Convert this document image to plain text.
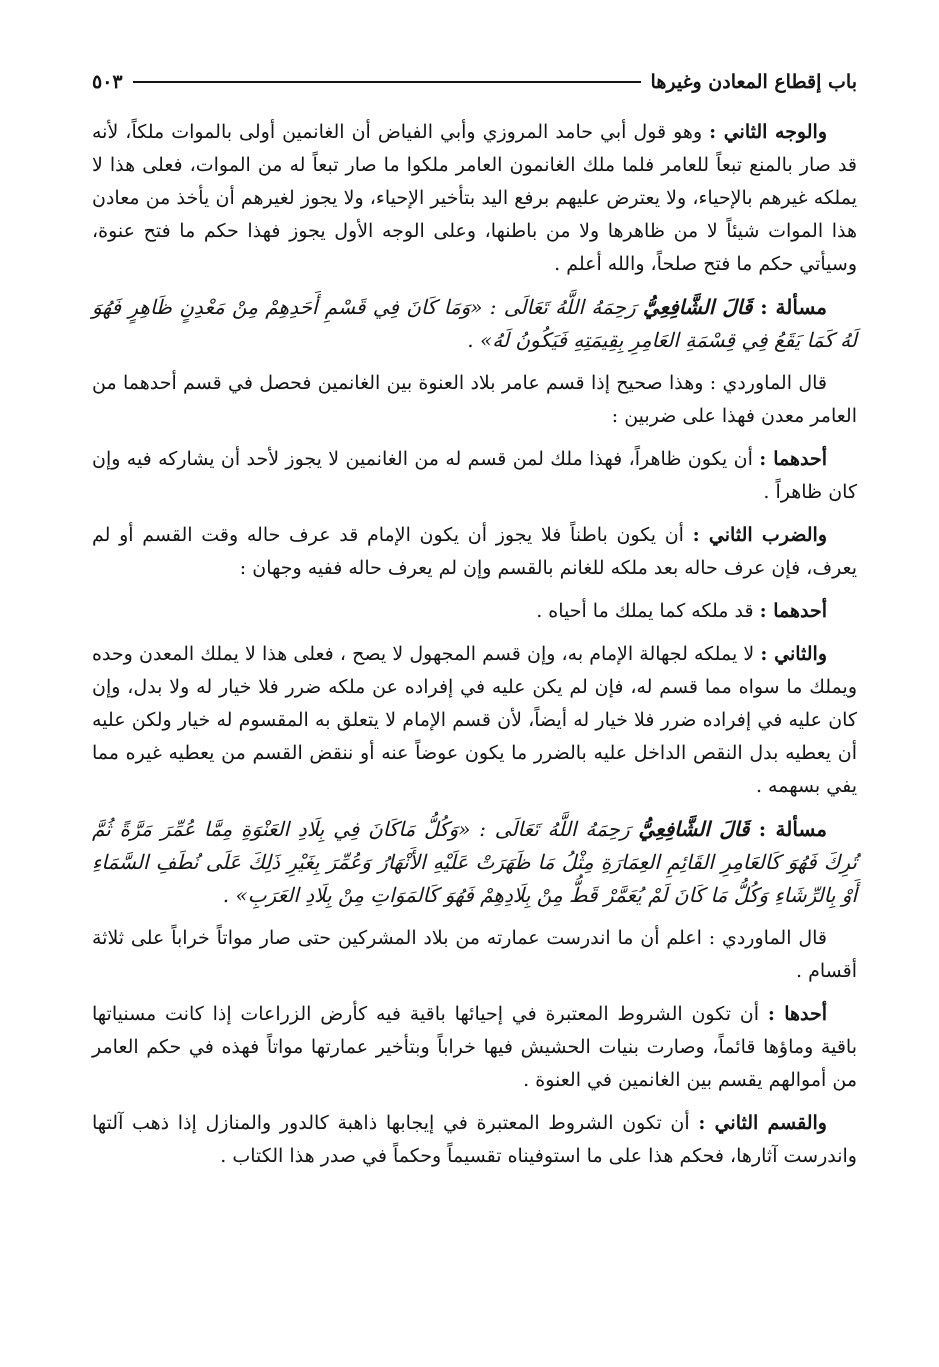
باب إقطاع المعادن وغيرها
٥٠٣

والوجه الثاني : وهو قول أبي حامد المروزي وأبي الفياض أن الغانمين أولى بالموات ملكاً، لأنه قد صار بالمنع تبعاً للعامر فلما ملك الغانمون العامر ملكوا ما صار تبعاً له من الموات، فعلى هذا لا يملكه غيرهم بالإحياء، ولا يعترض عليهم برفع اليد بتأخير الإحياء، ولا يجوز لغيرهم أن يأخذ من معادن هذا الموات شيئاً لا من ظاهرها ولا من باطنها، وعلى الوجه الأول يجوز فهذا حكم ما فتح عنوة، وسيأتي حكم ما فتح صلحاً، والله أعلم .

مسألة : قَالَ الشَّافِعِيُّ رَحِمَهُ اللَّهُ تَعَالَى : «وَمَا كَانَ فِي قَسْمِ أَحَدِهِمْ مِنْ مَعْدِنٍ ظَاهِرٍ فَهُوَ لَهُ كَمَا يَقَعُ فِي قِسْمَةِ العَامِرِ بِقِيمَتِهِ فَيَكُونُ لَهُ» .

قال الماوردي : وهذا صحيح إذا قسم عامر بلاد العنوة بين الغانمين فحصل في قسم أحدهما من العامر معدن فهذا على ضربين :

أحدهما : أن يكون ظاهراً، فهذا ملك لمن قسم له من الغانمين لا يجوز لأحد أن يشاركه فيه وإن كان ظاهراً .

والضرب الثاني : أن يكون باطناً فلا يجوز أن يكون الإمام قد عرف حاله وقت القسم أو لم يعرف، فإن عرف حاله بعد ملكه للغانم بالقسم وإن لم يعرف حاله ففيه وجهان :

أحدهما : قد ملكه كما يملك ما أحياه .

والثاني : لا يملكه لجهالة الإمام به، وإن قسم المجهول لا يصح ، فعلى هذا لا يملك المعدن وحده ويملك ما سواه مما قسم له، فإن لم يكن عليه في إفراده عن ملكه ضرر فلا خيار له ولا بدل، وإن كان عليه في إفراده ضرر فلا خيار له أيضاً، لأن قسم الإمام لا يتعلق به المقسوم له خيار ولكن عليه أن يعطيه بدل النقص الداخل عليه بالضرر ما يكون عوضاً عنه أو ننقض القسم من يعطيه غيره مما يفي بسهمه .

مسألة : قَالَ الشَّافِعِيُّ رَحِمَهُ اللَّهُ تَعَالَى : «وَكُلُّ مَاكَانَ فِي بِلَادِ العَنْوَةِ مِمَّا عُمِّرَ مَرَّةً ثُمَّ تُرِكَ فَهُوَ كَالعَامِرِ القَائِمِ العِمَارَةِ مِثْلُ مَا ظَهَرَتْ عَلَيْهِ الأَنْهَارُ وَعُمِّرَ بِغَيْرِ ذَلِكَ عَلَى نُطَفِ السَّمَاءِ أَوْ بِالرِّشَاءِ وَكُلُّ مَا كَانَ لَمْ يُعَمَّرْ قَطُّ مِنْ بِلَادِهِمْ فَهُوَ كَالمَوَاتِ مِنْ بِلَادِ العَرَبِ» .

قال الماوردي : اعلم أن ما اندرست عمارته من بلاد المشركين حتى صار مواتاً خراباً على ثلاثة أقسام .

أحدها : أن تكون الشروط المعتبرة في إحيائها باقية فيه كأرض الزراعات إذا كانت مسنياتها باقية وماؤها قائماً، وصارت بنيات الحشيش فيها خراباً وبتأخير عمارتها مواتاً فهذه في حكم العامر من أموالهم يقسم بين الغانمين في العنوة .

والقسم الثاني : أن تكون الشروط المعتبرة في إيجابها ذاهبة كالدور والمنازل إذا ذهب آلتها واندرست آثارها، فحكم هذا على ما استوفيناه تقسيماً وحكماً في صدر هذا الكتاب .
